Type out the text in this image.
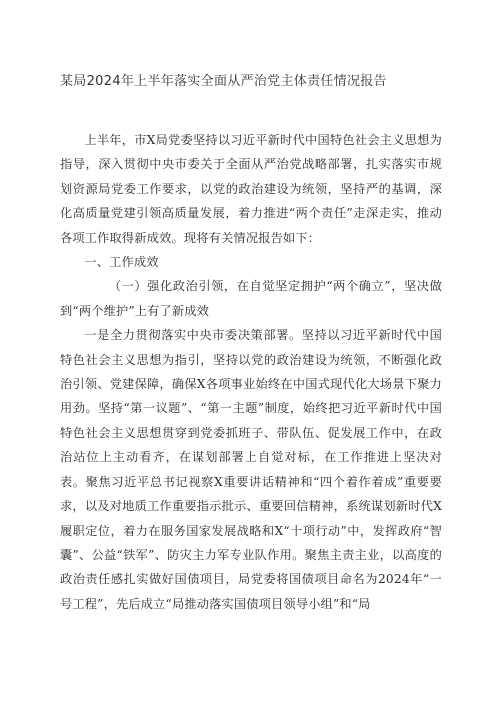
某局2024年上半年落实全面从严治党主体责任情况报告

上半年，市X局党委坚持以习近平新时代中国特色社会主义思想为指导，深入贯彻中央市委关于全面从严治党战略部署，扎实落实市规划资源局党委工作要求，以党的政治建设为统领，坚持严的基调，深化高质量党建引领高质量发展，着力推进“两个责任”走深走实，推动各项工作取得新成效。现将有关情况报告如下：

一、工作成效

（一）强化政治引领，在自觉坚定拥护“两个确立”，坚决做到“两个维护”上有了新成效

一是全力贯彻落实中央市委决策部署。坚持以习近平新时代中国特色社会主义思想为指引，坚持以党的政治建设为统领，不断强化政治引领、党建保障，确保X各项事业始终在中国式现代化大场景下聚力用劲。坚持“第一议题”、“第一主题”制度，始终把习近平新时代中国特色社会主义思想贯穿到党委抓班子、带队伍、促发展工作中，在政治站位上主动看齐，在谋划部署上自觉对标，在工作推进上坚决对表。聚焦习近平总书记视察X重要讲话精神和“四个着作着成”重要要求，以及对地质工作重要指示批示、重要回信精神，系统谋划新时代X履职定位，着力在服务国家发展战略和X“十项行动”中，发挥政府“智囊”、公益“铁军”、防灾主力军专业队作用。聚焦主责主业，以高度的政治责任感扎实做好国债项目，局党委将国债项目命名为2024年“一号工程”，先后成立“局推动落实国债项目领导小组”和“局
